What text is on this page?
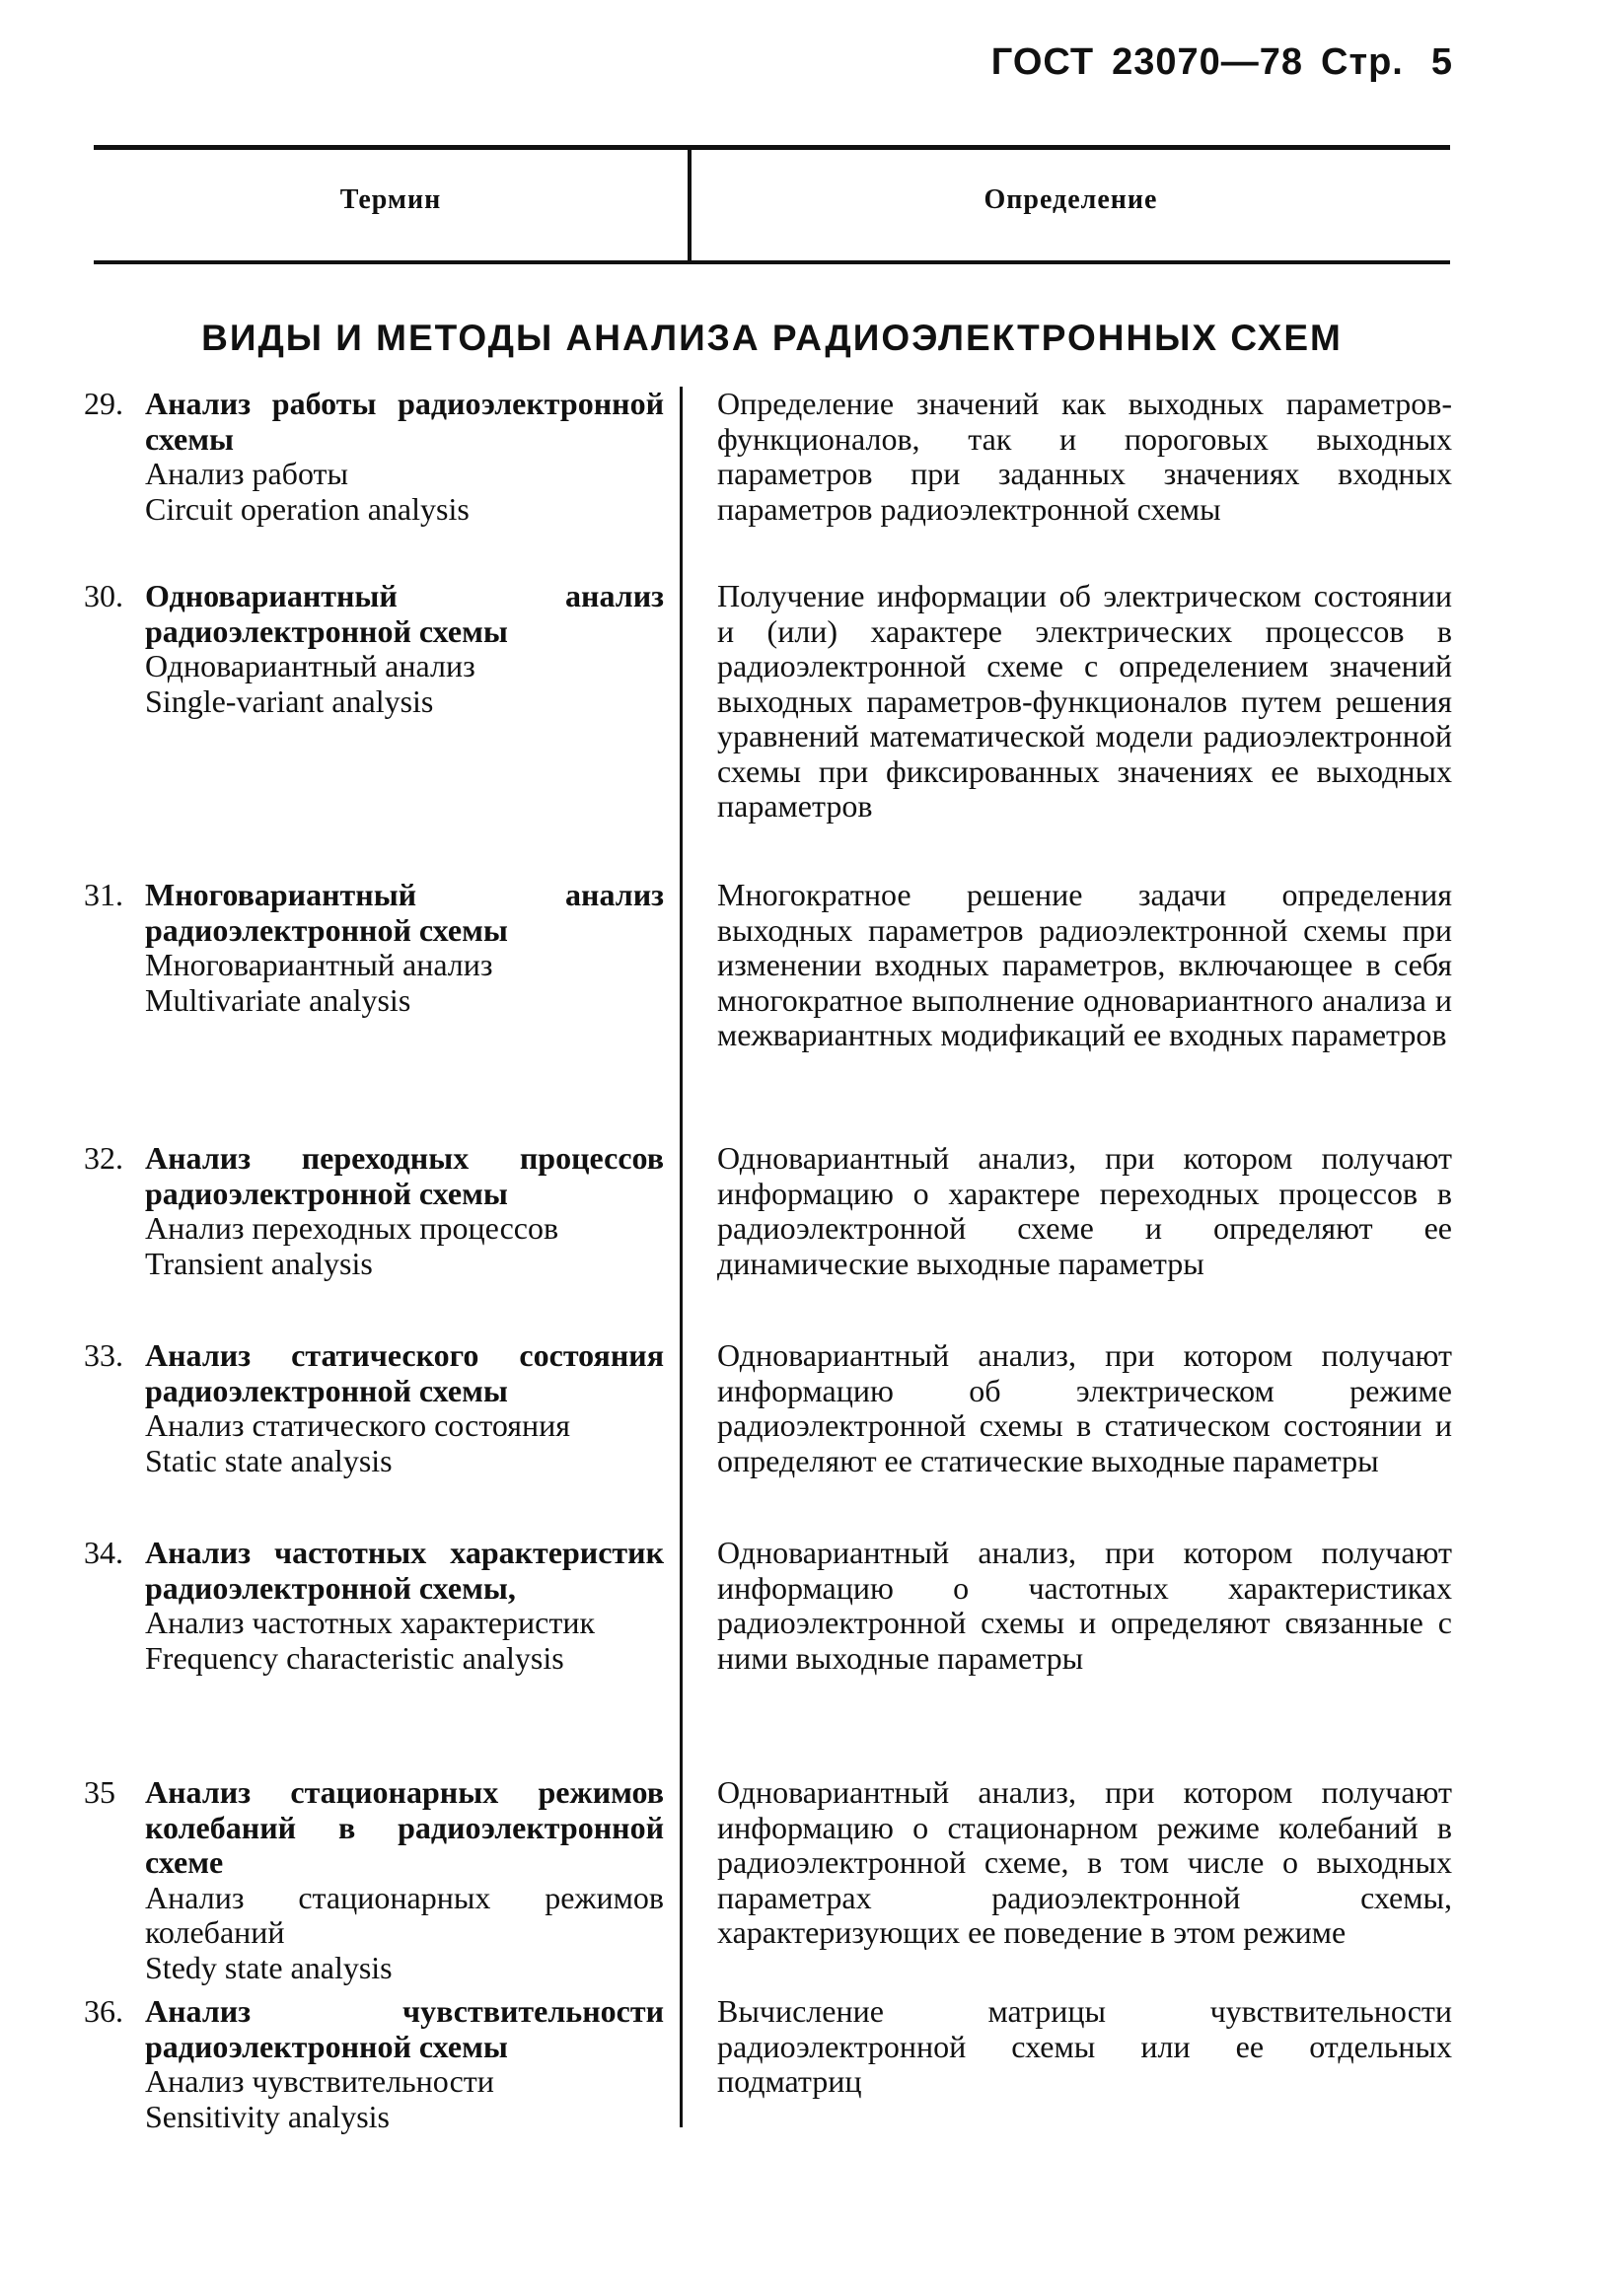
ГОСТ 23070—78 Стр. 5
Термин	Определение
ВИДЫ И МЕТОДЫ АНАЛИЗА РАДИОЭЛЕКТРОННЫХ СХЕМ
29. Анализ работы радиоэлектронной схемы
Анализ работы
Circuit operation analysis
Определение значений как выходных параметров-функционалов, так и пороговых выходных параметров при заданных значениях входных параметров радиоэлектронной схемы
30. Одновариантный анализ радиоэлектронной схемы
Одновариантный анализ
Single-variant analysis
Получение информации об электрическом состоянии и (или) характере электрических процессов в радиоэлектронной схеме с определением значений выходных параметров-функционалов путем решения уравнений математической модели радиоэлектронной схемы при фиксированных значениях ее выходных параметров
31. Многовариантный анализ радиоэлектронной схемы
Многовариантный анализ
Multivariate analysis
Многократное решение задачи определения выходных параметров радиоэлектронной схемы при изменении входных параметров, включающее в себя многократное выполнение одновариантного анализа и межвариантных модификаций ее входных параметров
32. Анализ переходных процессов радиоэлектронной схемы
Анализ переходных процессов
Transient analysis
Одновариантный анализ, при котором получают информацию о характере переходных процессов в радиоэлектронной схеме и определяют ее динамические выходные параметры
33. Анализ статического состояния радиоэлектронной схемы
Анализ статического состояния
Static state analysis
Одновариантный анализ, при котором получают информацию об электрическом режиме радиоэлектронной схемы в статическом состоянии и определяют ее статические выходные параметры
34. Анализ частотных характеристик радиоэлектронной схемы,
Анализ частотных характеристик
Frequency characteristic analysis
Одновариантный анализ, при котором получают информацию о частотных характеристиках радиоэлектронной схемы и определяют связанные с ними выходные параметры
35 Анализ стационарных режимов колебаний в радиоэлектронной схеме
Анализ стационарных режимов колебаний
Stedy state analysis
Одновариантный анализ, при котором получают информацию о стационарном режиме колебаний в радиоэлектронной схеме, в том числе о выходных параметрах радиоэлектронной схемы, характеризующих ее поведение в этом режиме
36. Анализ чувствительности радиоэлектронной схемы
Анализ чувствительности
Sensitivity analysis
Вычисление матрицы чувствительности радиоэлектронной схемы или ее отдельных подматриц
